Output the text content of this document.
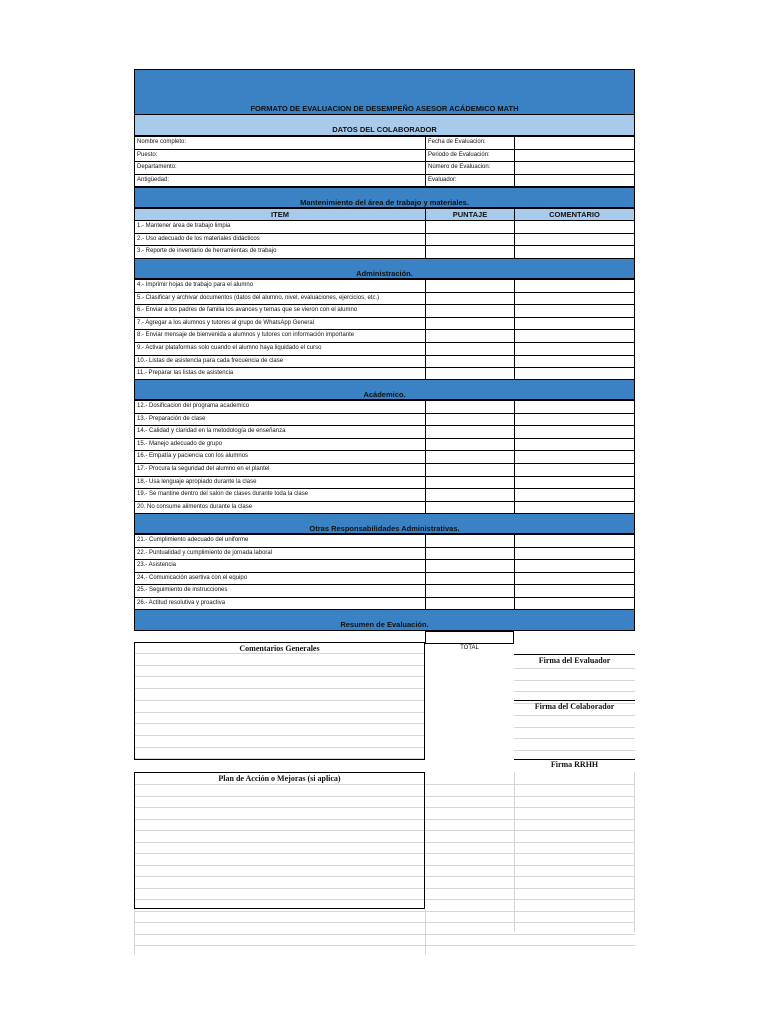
FORMATO DE EVALUACION DE DESEMPEÑO ASESOR ACÁDEMICO MATH
DATOS DEL COLABORADOR
Nombre completo:	Fecha de Evaluacion:
Puesto:	Periodo de Evaluación:
Departamento:	Número de Evaluacion:
Antigüedad:	Evaluador:
Mantenimiento del área de trabajo y materiales.
ITEM	PUNTAJE	COMENTARIO
1.- Mantener área de trabajo limpia
2.- Uso adecuado de los materiales didácticos
3.- Reporte de inventario de herramientas de trabajo
Administración.
4.- Imprimir hojas de trabajo para el alumno
5.- Clasificar y archivar documentos (datos del alumno, nivel, evaluaciones, ejercicios, etc.)
6.- Enviar a los padres de familia los avances y temas que se vieron con el alumno
7.- Agregar a los alumnos y tutores al grupo de WhatsApp General
8.- Enviar mensaje de bienvenida a alumnos y tutores con información importante
9.- Activar plataformas solo cuando el alumno haya liquidado el curso
10.- Listas de asistencia para cada frecuencia de clase
11.- Preparar las listas de asistencia
Acádemico.
12.- Dosificacion del programa academico
13.- Preparación de clase
14.- Calidad y claridad en la metodología de enseñanza
15.- Manejo adecuado de grupo
16.- Empatía y paciencia con los alumnos
17.- Procura la seguridad del alumno en el plantel
18.- Usa lenguaje apropiado durante la clase
19.- Se mantine dentro del salon de clases durante toda la clase
20. No consume alimentos durante la clase
Otras Responsabilidades Administrativas.
21.- Cumplimiento adecuado del uniforme
22.- Puntualidad y cumplimiento de jornada laboral
23.- Asistencia
24.- Comunicación asertiva con el equipo
25.- Seguimiento de instrucciones
26.- Actitud resolutiva y proactiva
Resumen de Evaluación.
TOTAL
Comentarios Generales
Firma del Evaluador
Firma del Colaborador
Firma RRHH
Plan de Acción o Mejoras (si aplica)
